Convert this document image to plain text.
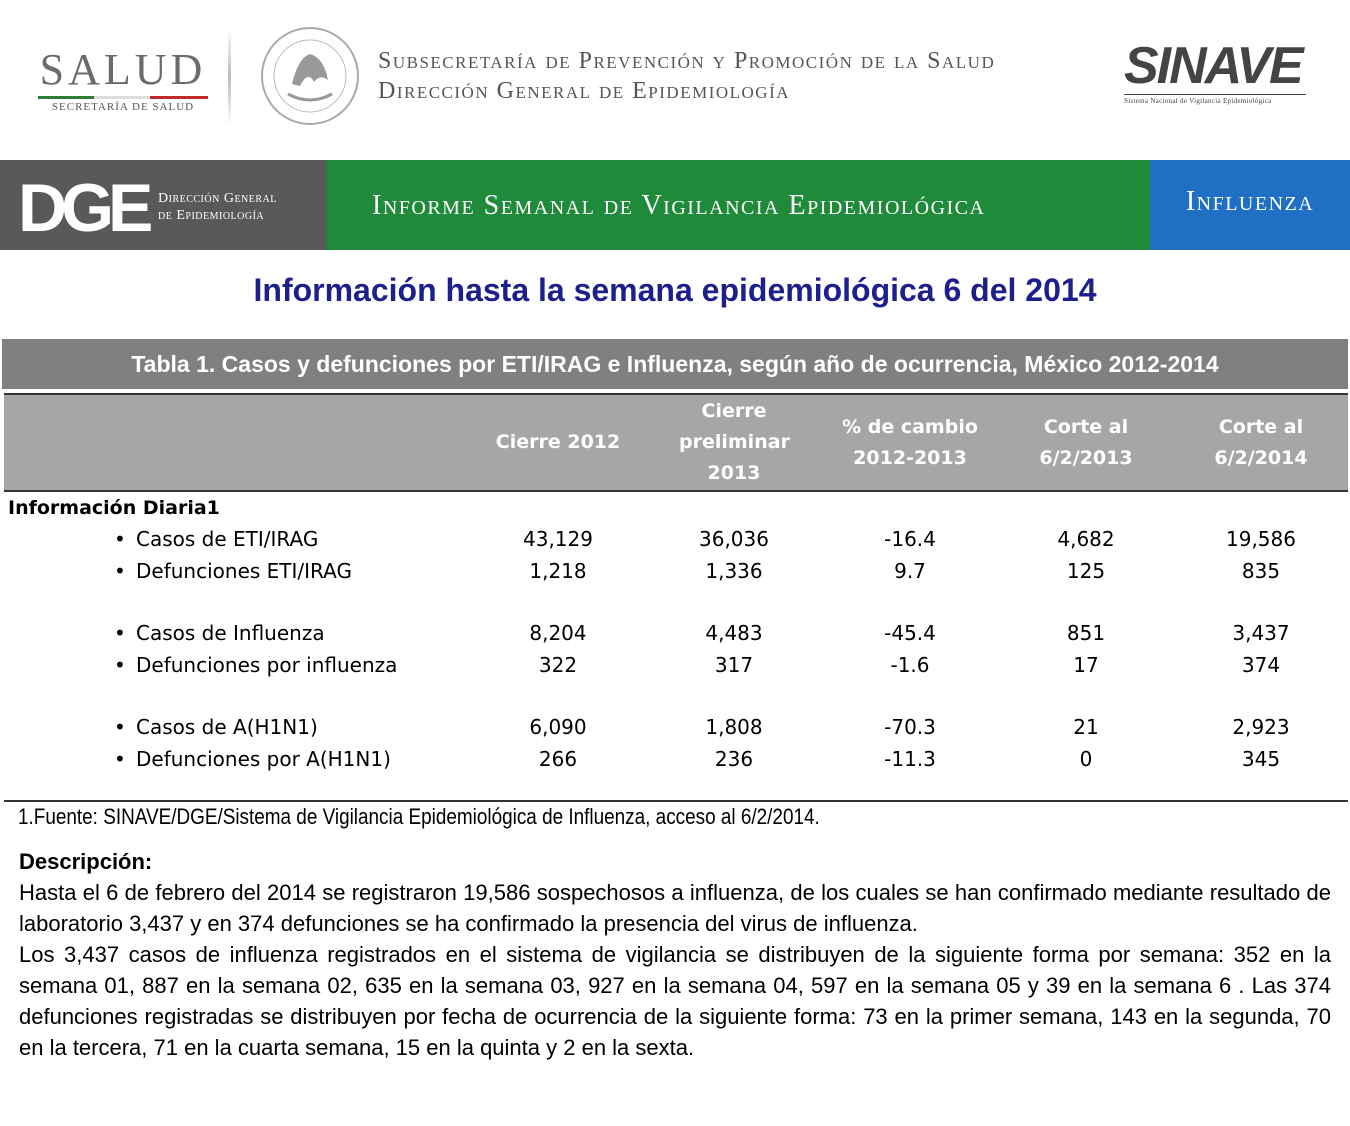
SALUD
SECRETARÍA DE SALUD
Subsecretaría de Prevención y Promoción de la Salud
Dirección General de Epidemiología	SINAVE
Sistema Nacional de Vigilancia Epidemiológica
DGE Dirección General
de Epidemiología	Informe Semanal de Vigilancia Epidemiológica	Influenza
Información hasta la semana epidemiológica 6 del 2014
Tabla 1. Casos y defunciones por ETI/IRAG e Influenza, según año de ocurrencia, México 2012-2014
	Cierre 2012	Cierre preliminar 2013	% de cambio 2012-2013	Corte al 6/2/2013	Corte al 6/2/2014
Información Diaria1					
• Casos de ETI/IRAG	43,129	36,036	-16.4	4,682	19,586
• Defunciones ETI/IRAG	1,218	1,336	9.7	125	835

• Casos de Influenza	8,204	4,483	-45.4	851	3,437
• Defunciones por influenza	322	317	-1.6	17	374

• Casos de A(H1N1)	6,090	1,808	-70.3	21	2,923
• Defunciones por A(H1N1)	266	236	-11.3	0	345
1.Fuente: SINAVE/DGE/Sistema de Vigilancia Epidemiológica de Influenza, acceso al 6/2/2014.
Descripción:

Hasta el 6 de febrero del 2014 se registraron 19,586 sospechosos a influenza, de los cuales se han confirmado mediante resultado de laboratorio 3,437 y en 374 defunciones se ha confirmado la presencia del virus de influenza.

Los 3,437 casos de influenza registrados en el sistema de vigilancia se distribuyen de la siguiente forma por semana: 352 en la semana 01, 887 en la semana 02, 635 en la semana 03, 927 en la semana 04, 597 en la semana 05 y 39 en la semana 6 . Las 374 defunciones registradas se distribuyen por fecha de ocurrencia de la siguiente forma: 73 en la primer semana, 143 en la segunda, 70 en la tercera, 71 en la cuarta semana, 15 en la quinta y 2 en la sexta.
